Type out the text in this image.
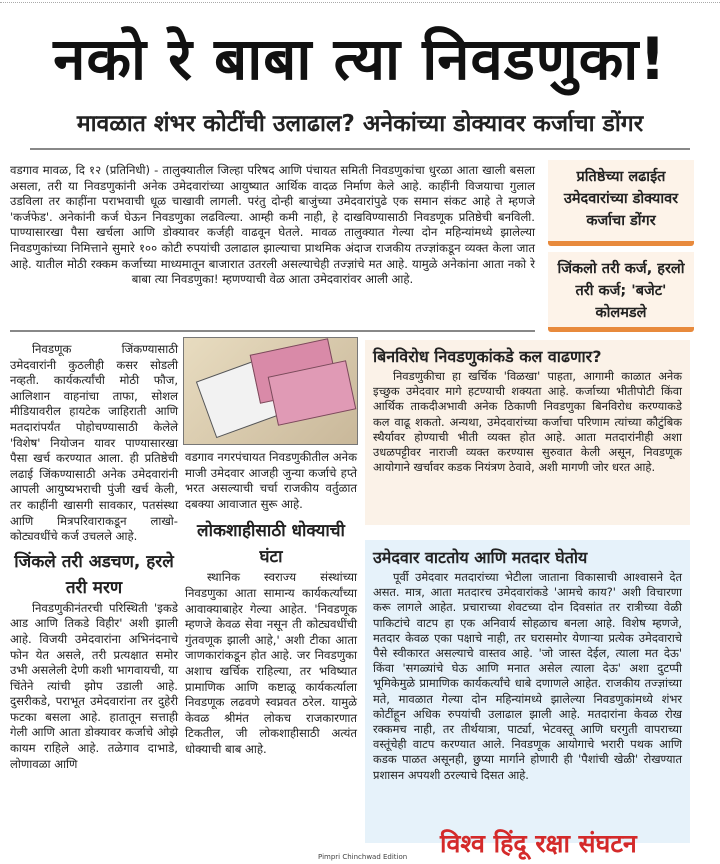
नको रे बाबा त्या निवडणुका!
मावळात शंभर कोटींची उलाढाल? अनेकांच्या डोक्यावर कर्जाचा डोंगर

वडगाव मावळ, दि १२ (प्रतिनिधी) - तालुक्यातील जिल्हा परिषद आणि पंचायत समिती निवडणुकांचा धुरळा आता खाली बसला असला, तरी या निवडणुकांनी अनेक उमेदवारांच्या आयुष्यात आर्थिक वादळ निर्माण केले आहे. काहींनी विजयाचा गुलाल उडविला तर काहींना पराभवाची धूळ चाखावी लागली. परंतु दोन्ही बाजुंच्या उमेदवारांपुढे एक समान संकट आहे ते म्हणजे 'कर्जफेड'. अनेकांनी कर्ज घेऊन निवडणुका लढविल्या. आम्ही कमी नाही, हे दाखविण्यासाठी निवडणूक प्रतिष्ठेची बनविली. पाण्यासारखा पैसा खर्चला आणि डोक्यावर कर्जही वाढवून घेतले. मावळ तालुक्यात गेल्या दोन महिन्यांमध्ये झालेल्या निवडणुकांच्या निमित्ताने सुमारे १०० कोटी रुपयांची उलाढाल झाल्याचा प्राथमिक अंदाज राजकीय तज्ज्ञांकडून व्यक्त केला जात आहे. यातील मोठी रक्कम कर्जाच्या माध्यमातून बाजारात उतरली असल्याचेही तज्ज्ञांचे मत आहे. यामुळे अनेकांना आता नको रे बाबा त्या निवडणुका! म्हणण्याची वेळ आता उमेदवारांवर आली आहे.

प्रतिष्ठेच्या लढाईत उमेदवारांच्या डोक्यावर कर्जाचा डोंगर
जिंकलो तरी कर्ज, हरलो तरी कर्ज; 'बजेट' कोलमडले

निवडणूक जिंकण्यासाठी उमेदवारांनी कुठलीही कसर सोडली नव्हती. कार्यकर्त्यांची मोठी फौज, आलिशान वाहनांचा ताफा, सोशल मीडियावरील हायटेक जाहिराती आणि मतदारांपर्यंत पोहोचण्यासाठी केलेले 'विशेष' नियोजन यावर पाण्यासारखा पैसा खर्च करण्यात आला. ही प्रतिष्ठेची लढाई जिंकण्यासाठी अनेक उमेदवारांनी आपली आयुष्यभराची पुंजी खर्च केली, तर काहींनी खासगी सावकार, पतसंस्था आणि मित्रपरिवाराकडून लाखो-कोट्यवधींचे कर्ज उचलले आहे.

जिंकले तरी अडचण, हरले तरी मरण

निवडणुकीनंतरची परिस्थिती 'इकडे आड आणि तिकडे विहीर' अशी झाली आहे. विजयी उमेदवारांना अभिनंदनाचे फोन येत असले, तरी प्रत्यक्षात समोर उभी असलेली देणी कशी भागवायची, या चिंतेने त्यांची झोप उडाली आहे. दुसरीकडे, पराभूत उमेदवारांना तर दुहेरी फटका बसला आहे. हातातून सत्ताही गेली आणि आता डोक्यावर कर्जाचे ओझे कायम राहिले आहे. तळेगाव दाभाडे, लोणावळा आणि

वडगाव नगरपंचायत निवडणुकीतील अनेक माजी उमेदवार आजही जुन्या कर्जाचे हप्ते भरत असल्याची चर्चा राजकीय वर्तुळात दबक्या आवाजात सुरू आहे.

लोकशाहीसाठी धोक्याची घंटा

स्थानिक स्वराज्य संस्थांच्या निवडणुका आता सामान्य कार्यकर्त्यांच्या आवाक्याबाहेर गेल्या आहेत. 'निवडणूक म्हणजे केवळ सेवा नसून ती कोट्यवधींची गुंतवणूक झाली आहे,' अशी टीका आता जाणकारांकडून होत आहे. जर निवडणुका अशाच खर्चिक राहिल्या, तर भविष्यात प्रामाणिक आणि कष्टाळू कार्यकर्त्याला निवडणूक लढवणे स्वप्नवत ठरेल. यामुळे केवळ श्रीमंत लोकच राजकारणात टिकतील, जी लोकशाहीसाठी अत्यंत धोक्याची बाब आहे.

बिनविरोध निवडणुकांकडे कल वाढणार?

निवडणुकीचा हा खर्चिक 'विळखा' पाहता, आगामी काळात अनेक इच्छुक उमेदवार मागे हटण्याची शक्यता आहे. कर्जाच्या भीतीपोटी किंवा आर्थिक ताकदीअभावी अनेक ठिकाणी निवडणुका बिनविरोध करण्याकडे कल वाढू शकतो. अन्यथा, उमेदवारांच्या कर्जाचा परिणाम त्यांच्या कौटुंबिक स्थैर्यावर होण्याची भीती व्यक्त होत आहे. आता मतदारांनीही अशा उधळपट्टीवर नाराजी व्यक्त करण्यास सुरुवात केली असून, निवडणूक आयोगाने खर्चावर कडक नियंत्रण ठेवावे, अशी मागणी जोर धरत आहे.

उमेदवार वाटतोय आणि मतदार घेतोय

पूर्वी उमेदवार मतदारांच्या भेटीला जाताना विकासाची आश्वासने देत असत. मात्र, आता मतदारच उमेदवारांकडे 'आमचे काय?' अशी विचारणा करू लागले आहेत. प्रचाराच्या शेवटच्या दोन दिवसांत तर रात्रीच्या वेळी पाकिटांचे वाटप हा एक अनिवार्य सोहळाच बनला आहे. विशेष म्हणजे, मतदार केवळ एका पक्षाचे नाही, तर घरासमोर येणाऱ्या प्रत्येक उमेदवाराचे पैसे स्वीकारत असल्याचे वास्तव आहे. 'जो जास्त देईल, त्याला मत देऊ' किंवा 'सगळ्यांचे घेऊ आणि मनात असेल त्याला देऊ' अशा दुटप्पी भूमिकेमुळे प्रामाणिक कार्यकर्त्यांचे धाबे दणाणले आहेत. राजकीय तज्ज्ञांच्या मते, मावळात गेल्या दोन महिन्यांमध्ये झालेल्या निवडणुकांमध्ये शंभर कोटींहून अधिक रुपयांची उलाढाल झाली आहे. मतदारांना केवळ रोख रक्कमच नाही, तर तीर्थयात्रा, पार्ट्या, भेटवस्तू आणि घरगुती वापराच्या वस्तूंचेही वाटप करण्यात आले. निवडणूक आयोगाचे भरारी पथक आणि कडक पाळत असूनही, छुप्या मार्गाने होणारी ही 'पैशांची खेळी' रोखण्यात प्रशासन अपयशी ठरल्याचे दिसत आहे.

विश्व हिंदू रक्षा संघटन
Pimpri Chinchwad Edition
